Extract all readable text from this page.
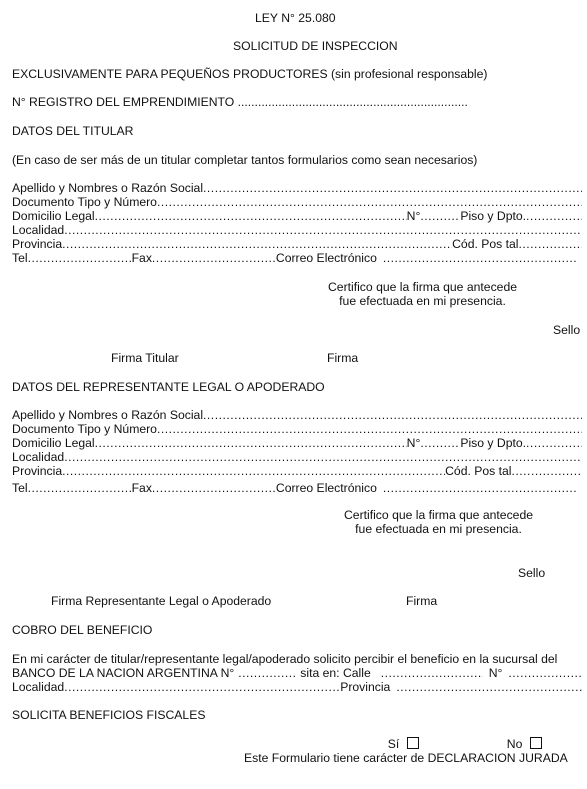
LEY N° 25.080
SOLICITUD DE INSPECCION
EXCLUSIVAMENTE PARA PEQUEÑOS PRODUCTORES (sin profesional responsable)
N° REGISTRO DEL EMPRENDIMIENTO ....................................................................
DATOS DEL TITULAR
(En caso de ser más de un titular completar tantos formularios como sean necesarios)
Apellido y Nombres o Razón Social
.....
Documento Tipo y Número
.....
Domicilio Legal .....	N° .....	Piso y Dpto.
.....
Localidad
.....
Provincia .....	Cód. Pos tal
.....
Tel .....	Fax .....	Correo Electrónico
.....
Certifico que la firma que antecede
fue efectuada en mi presencia.
Sello
Firma Titular	Firma
DATOS DEL REPRESENTANTE LEGAL O APODERADO
Apellido y Nombres o Razón Social
.....
Documento Tipo y Número
.....
Domicilio Legal .....	N° .....	Piso y Dpto.
.....
Localidad
.....
Provincia .....	Cód. Pos tal
.....
Tel .....	Fax .....	Correo Electrónico
.....
Certifico que la firma que antecede
fue efectuada en mi presencia.
Sello
Firma Representante Legal o Apoderado	Firma
COBRO DEL BENEFICIO
En mi carácter de titular/representante legal/apoderado solicito percibir el beneficio en la sucursal del
BANCO DE LA NACION ARGENTINA N° .....	sita en: Calle .....	N°
.....
Localidad .....	Provincia
.....
SOLICITA BENEFICIOS FISCALES

Sí	No

Este Formulario tiene carácter de DECLARACION JURADA
